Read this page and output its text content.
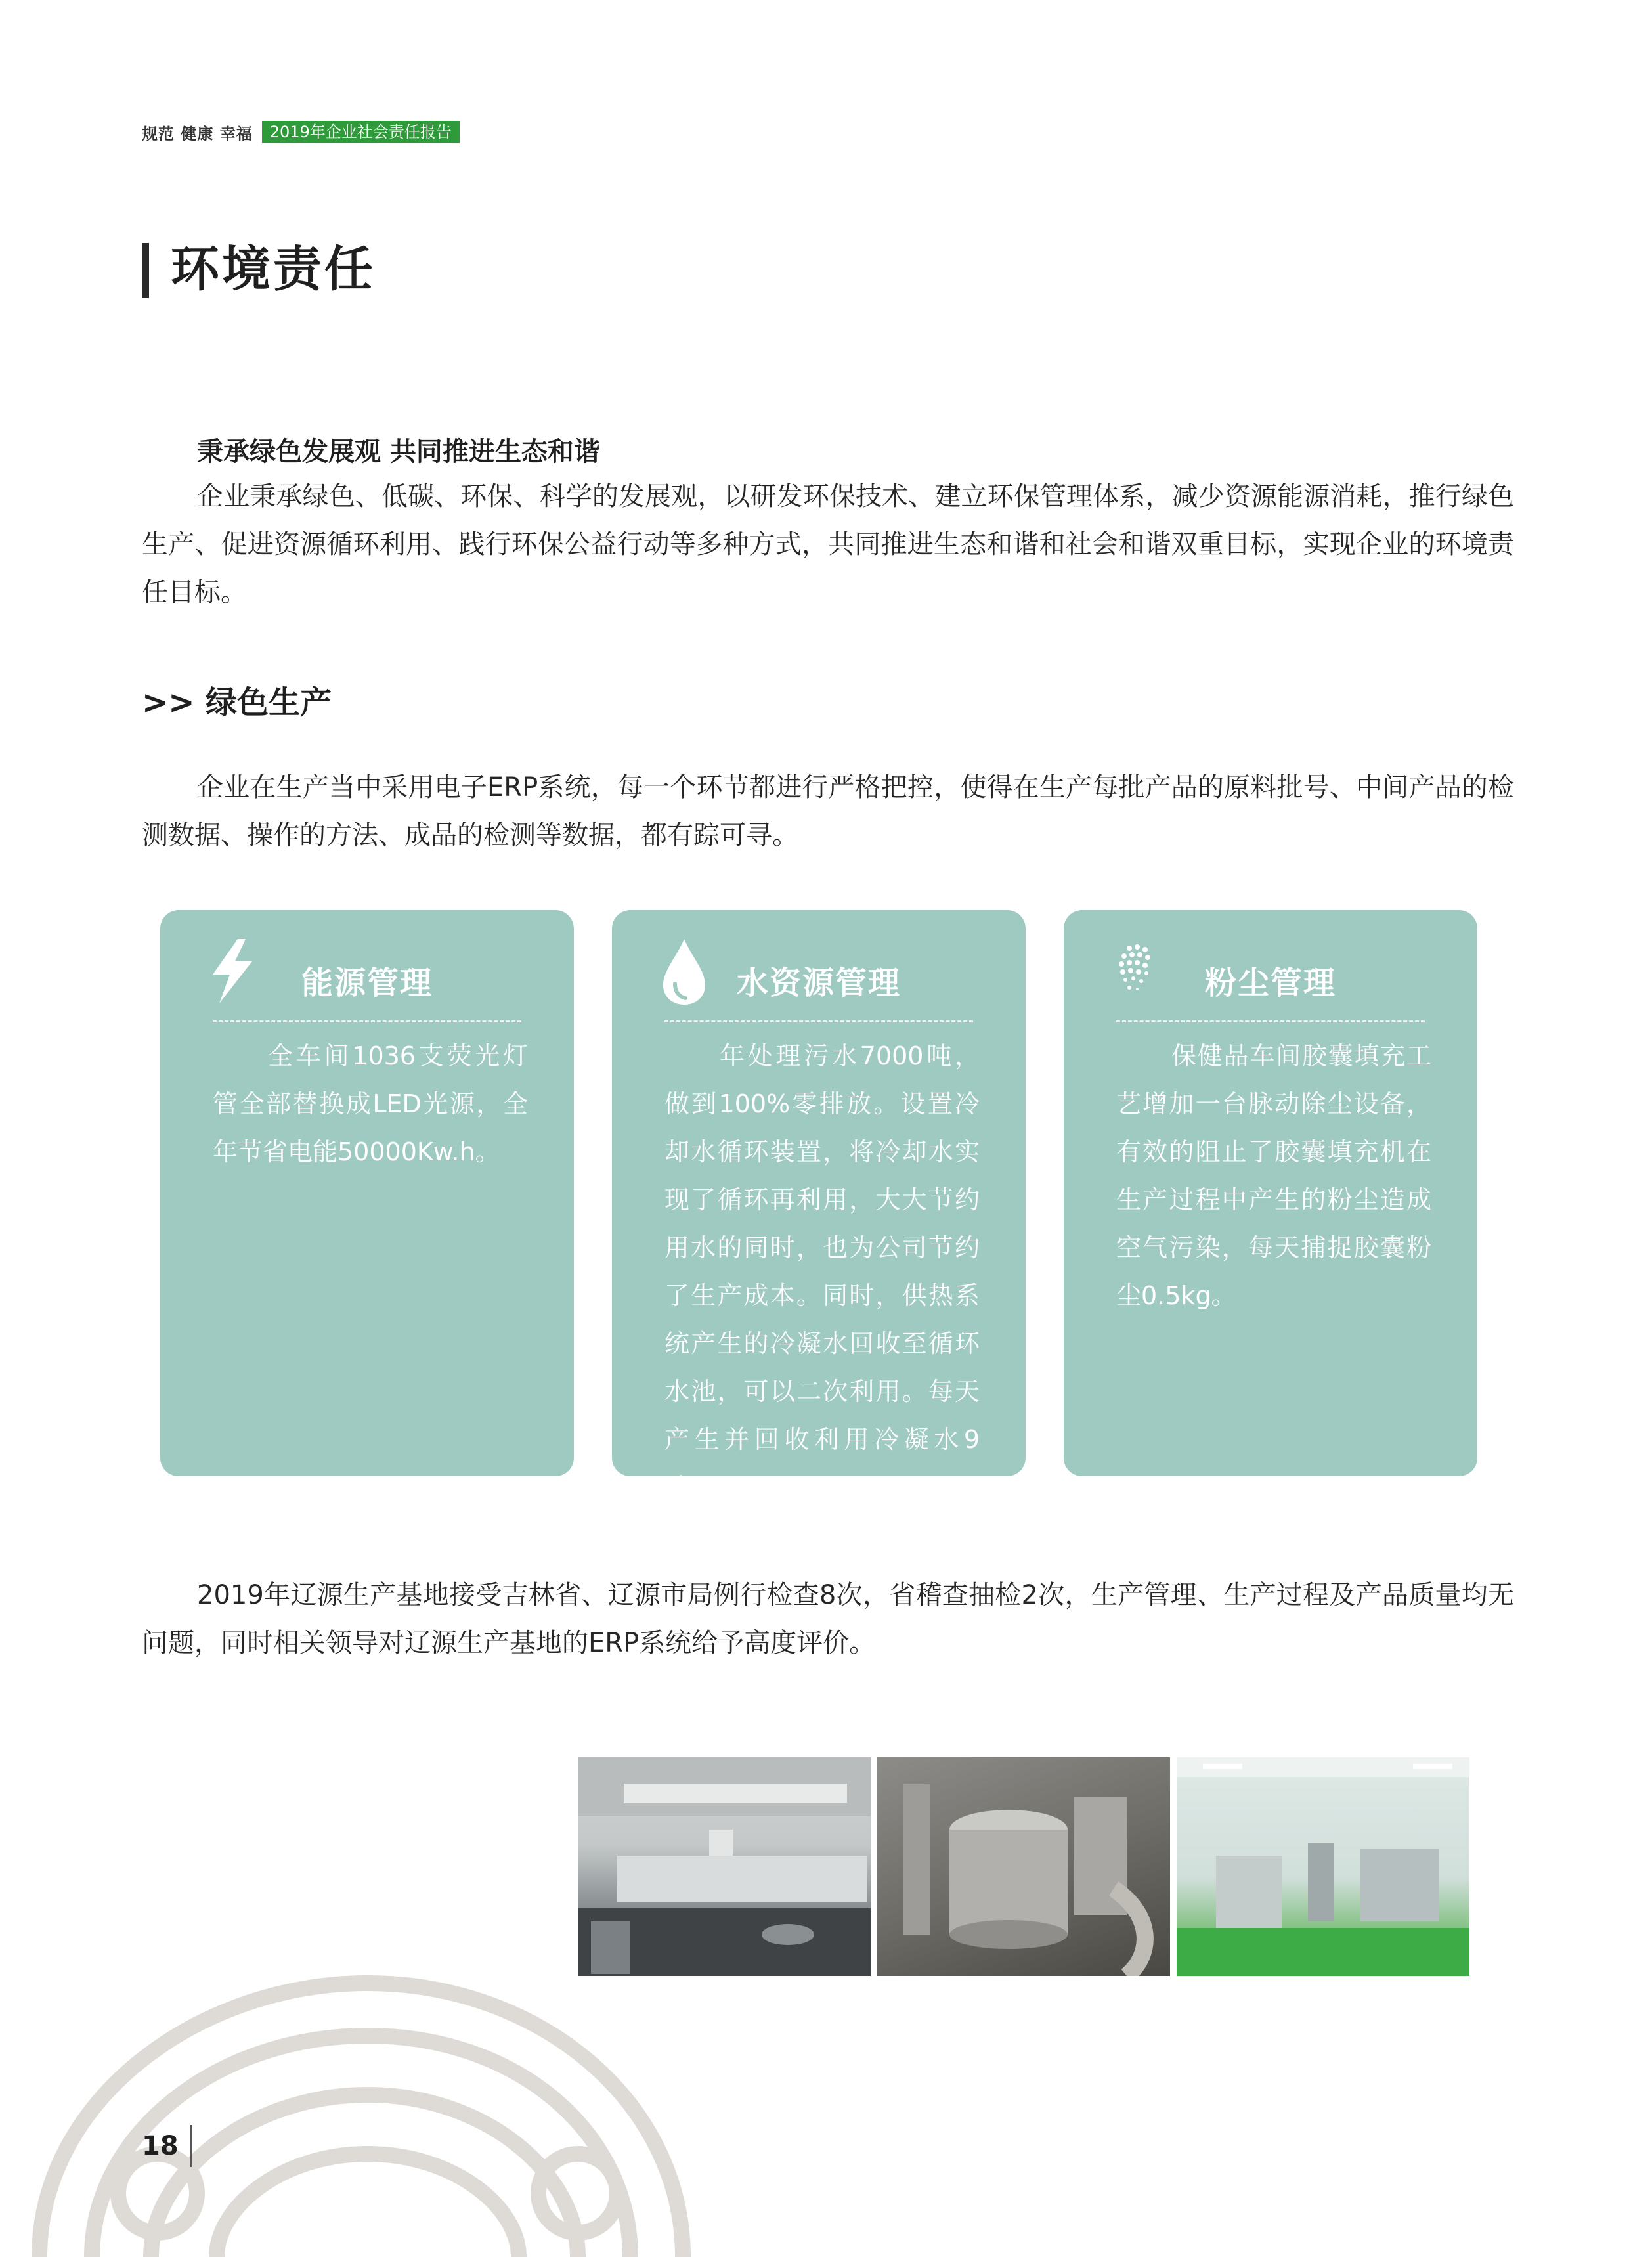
规范 健康 幸福	2019年企业社会责任报告
环境责任
秉承绿色发展观 共同推进生态和谐

企业秉承绿色、低碳、环保、科学的发展观，以研发环保技术、建立环保管理体系，减少资源能源消耗，推行绿色生产、促进资源循环利用、践行环保公益行动等多种方式，共同推进生态和谐和社会和谐双重目标，实现企业的环境责任目标。

>> 绿色生产

企业在生产当中采用电子ERP系统，每一个环节都进行严格把控，使得在生产每批产品的原料批号、中间产品的检测数据、操作的方法、成品的检测等数据，都有踪可寻。

能源管理
全车间1036支荧光灯管全部替换成LED光源，全年节省电能50000Kw.h。
水资源管理
年处理污水7000吨，做到100%零排放。设置冷却水循环装置，将冷却水实现了循环再利用，大大节约用水的同时，也为公司节约了生产成本。同时，供热系统产生的冷凝水回收至循环水池，可以二次利用。每天产生并回收利用冷凝水9吨。
粉尘管理
保健品车间胶囊填充工艺增加一台脉动除尘设备，有效的阻止了胶囊填充机在生产过程中产生的粉尘造成空气污染，每天捕捉胶囊粉尘0.5kg。

2019年辽源生产基地接受吉林省、辽源市局例行检查8次，省稽查抽检2次，生产管理、生产过程及产品质量均无问题，同时相关领导对辽源生产基地的ERP系统给予高度评价。

18
